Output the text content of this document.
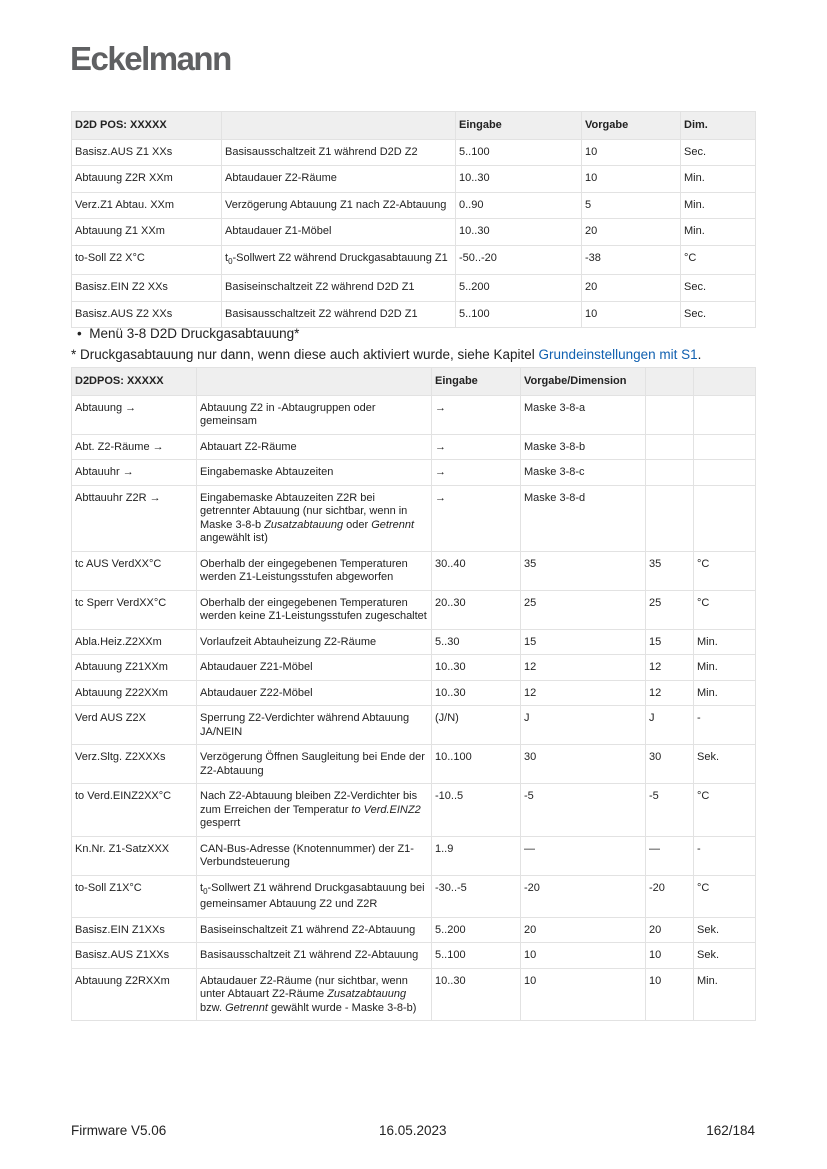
Eckelmann
D2D POS: XXXXX		Eingabe	Vorgabe	Dim.
Basisz.AUS Z1 XXs	Basisausschaltzeit Z1 während D2D Z2	5..100	10	Sec.
Abtauung Z2R XXm	Abtaudauer Z2-Räume	10..30	10	Min.
Verz.Z1 Abtau. XXm	Verzögerung Abtauung Z1 nach Z2-Abtauung	0..90	5	Min.
Abtauung Z1 XXm	Abtaudauer Z1-Möbel	10..30	20	Min.
to-Soll Z2 X°C	$t_0$-Sollwert Z2 während Druckgasabtauung Z1	-50..-20	-38	°C
Basisz.EIN Z2 XXs	Basiseinschaltzeit Z2 während D2D Z1	5..200	20	Sec.
Basisz.AUS Z2 XXs	Basisausschaltzeit Z2 während D2D Z1	5..100	10	Sec.
•  Menü 3-8 D2D Druckgasabtauung*
* Druckgasabtauung nur dann, wenn diese auch aktiviert wurde, siehe Kapitel Grundeinstellungen mit S1.
D2DPOS: XXXXX		Eingabe	Vorgabe/Dimension		
Abtauung →	Abtauung Z2 in -Abtaugruppen oder gemeinsam	→	Maske 3-8-a		
Abt. Z2-Räume →	Abtauart Z2-Räume	→	Maske 3-8-b		
Abtauuhr →	Eingabemaske Abtauzeiten	→	Maske 3-8-c		
Abttauuhr Z2R →	Eingabemaske Abtauzeiten Z2R bei getrennter Abtauung (nur sichtbar, wenn in Maske 3-8-b Zusatzabtauung oder Getrennt angewählt ist)	→	Maske 3-8-d		
tc AUS VerdXX°C	Oberhalb der eingegebenen Temperaturen werden Z1-Leistungsstufen abgeworfen	30..40	35	35	°C
tc Sperr VerdXX°C	Oberhalb der eingegebenen Temperaturen werden keine Z1-Leistungsstufen zugeschaltet	20..30	25	25	°C
Abla.Heiz.Z2XXm	Vorlaufzeit Abtauheizung Z2-Räume	5..30	15	15	Min.
Abtauung Z21XXm	Abtaudauer Z21-Möbel	10..30	12	12	Min.
Abtauung Z22XXm	Abtaudauer Z22-Möbel	10..30	12	12	Min.
Verd AUS Z2X	Sperrung Z2-Verdichter während Abtauung JA/NEIN	(J/N)	J	J	-
Verz.Sltg. Z2XXXs	Verzögerung Öffnen Saugleitung bei Ende der Z2-Abtauung	10..100	30	30	Sek.
to Verd.EINZ2XX°C	Nach Z2-Abtauung bleiben Z2-Verdichter bis zum Erreichen der Temperatur to Verd.EINZ2 gesperrt	-10..5	-5	-5	°C
Kn.Nr. Z1-SatzXXX	CAN-Bus-Adresse (Knotennummer) der Z1-Verbundsteuerung	1..9	—	—	-
to-Soll Z1X°C	$t_0$-Sollwert Z1 während Druckgasabtauung bei gemeinsamer Abtauung Z2 und Z2R	-30..-5	-20	-20	°C
Basisz.EIN Z1XXs	Basiseinschaltzeit Z1 während Z2-Abtauung	5..200	20	20	Sek.
Basisz.AUS Z1XXs	Basisausschaltzeit Z1 während Z2-Abtauung	5..100	10	10	Sek.
Abtauung Z2RXXm	Abtaudauer Z2-Räume (nur sichtbar, wenn unter Abtauart Z2-Räume Zusatzabtauung bzw. Getrennt gewählt wurde - Maske 3-8-b)	10..30	10	10	Min.
Firmware V5.06	16.05.2023	162/184
